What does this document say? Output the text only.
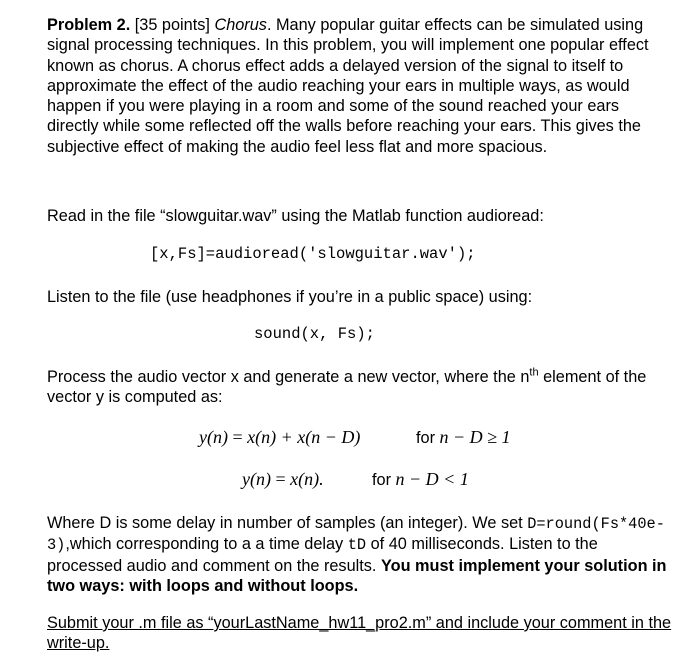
Problem 2. [35 points] Chorus. Many popular guitar effects can be simulated using signal processing techniques. In this problem, you will implement one popular effect known as chorus. A chorus effect adds a delayed version of the signal to itself to approximate the effect of the audio reaching your ears in multiple ways, as would happen if you were playing in a room and some of the sound reached your ears directly while some reflected off the walls before reaching your ears. This gives the subjective effect of making the audio feel less flat and more spacious.

Read in the file “slowguitar.wav” using the Matlab function audioread:

[x,Fs]=audioread('slowguitar.wav');

Listen to the file (use headphones if you’re in a public space) using:

sound(x, Fs);

Process the audio vector x and generate a new vector, where the $n^{th}$ element of the vector y is computed as:

y(n) = x(n) + x(n − D)	for n − D ≥ 1
y(n) = x(n).	for n − D < 1

Where D is some delay in number of samples (an integer). We set D=round(Fs*40e-3),which corresponding to a a time delay tD of 40 milliseconds. Listen to the processed audio and comment on the results. You must implement your solution in two ways: with loops and without loops.

Submit your .m file as “yourLastName_hw11_pro2.m” and include your comment in the write-up.
